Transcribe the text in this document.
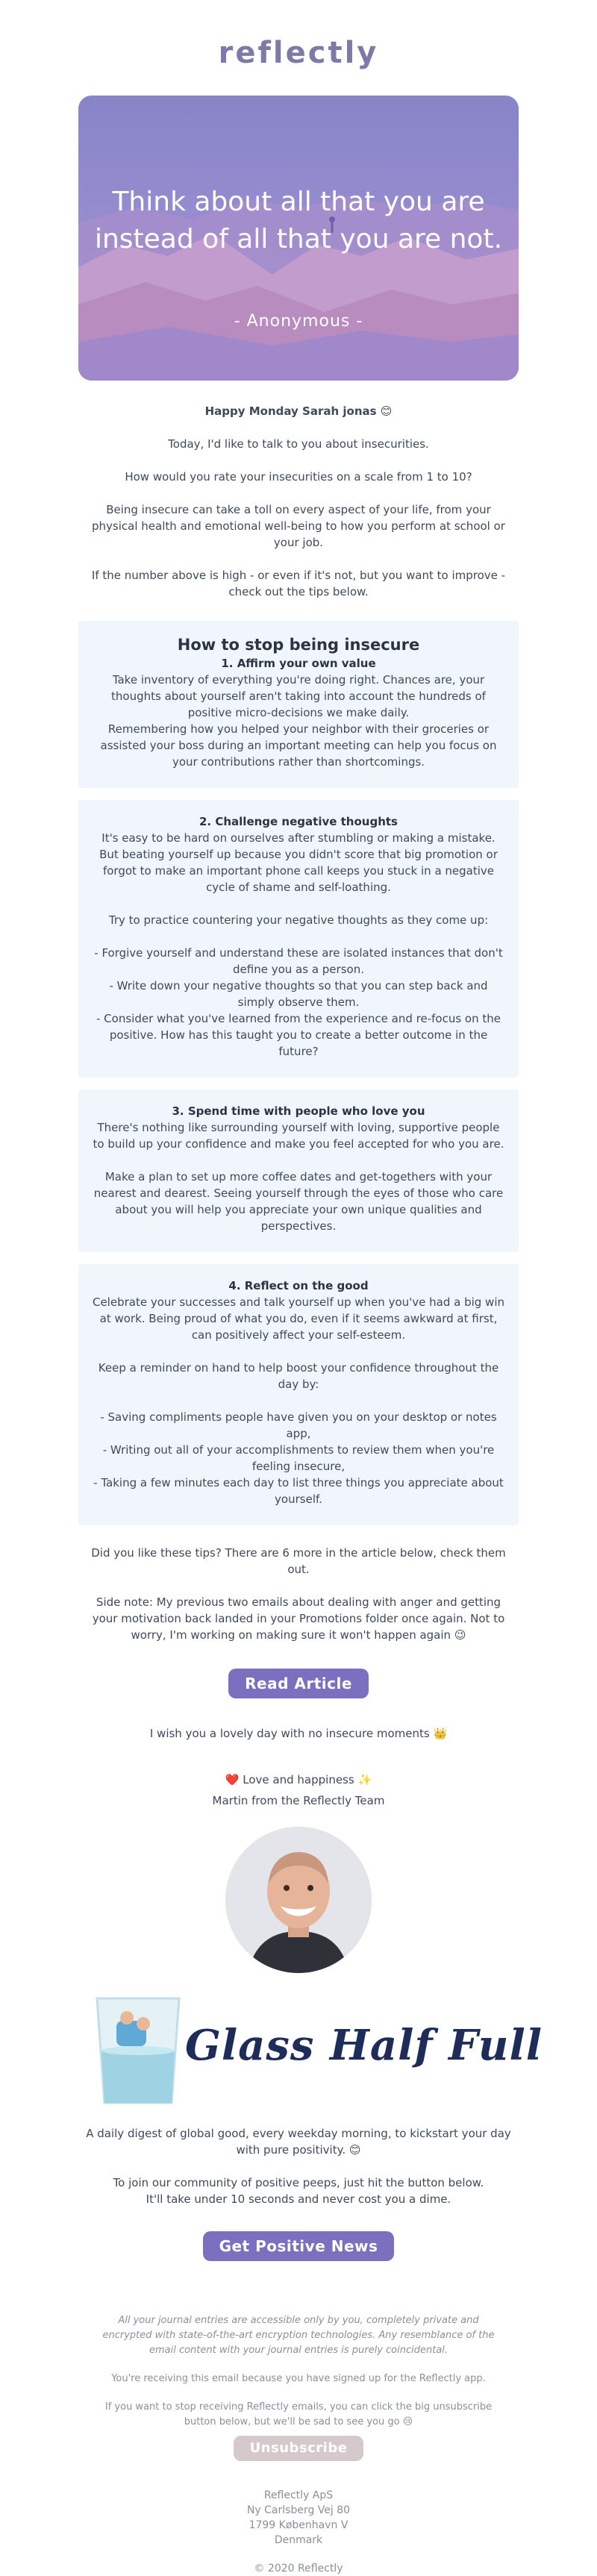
reflectly
Think about all that you are instead of all that you are not.
- Anonymous -
Happy Monday Sarah jonas 😊
Today, I'd like to talk to you about insecurities.
How would you rate your insecurities on a scale from 1 to 10?
Being insecure can take a toll on every aspect of your life, from your physical health and emotional well-being to how you perform at school or your job.
If the number above is high - or even if it's not, but you want to improve - check out the tips below.
How to stop being insecure
1. Affirm your own value

Take inventory of everything you're doing right. Chances are, your thoughts about yourself aren't taking into account the hundreds of positive micro-decisions we make daily.

Remembering how you helped your neighbor with their groceries or assisted your boss during an important meeting can help you focus on your contributions rather than shortcomings.

2. Challenge negative thoughts

It's easy to be hard on ourselves after stumbling or making a mistake. But beating yourself up because you didn't score that big promotion or forgot to make an important phone call keeps you stuck in a negative cycle of shame and self-loathing.

Try to practice countering your negative thoughts as they come up:

- Forgive yourself and understand these are isolated instances that don't define you as a person.

- Write down your negative thoughts so that you can step back and simply observe them.

- Consider what you've learned from the experience and re-focus on the positive. How has this taught you to create a better outcome in the future?

3. Spend time with people who love you

There's nothing like surrounding yourself with loving, supportive people to build up your confidence and make you feel accepted for who you are.

Make a plan to set up more coffee dates and get-togethers with your nearest and dearest. Seeing yourself through the eyes of those who care about you will help you appreciate your own unique qualities and perspectives.

4. Reflect on the good

Celebrate your successes and talk yourself up when you've had a big win at work. Being proud of what you do, even if it seems awkward at first, can positively affect your self-esteem.

Keep a reminder on hand to help boost your confidence throughout the day by:

- Saving compliments people have given you on your desktop or notes app,

- Writing out all of your accomplishments to review them when you're feeling insecure,

- Taking a few minutes each day to list three things you appreciate about yourself.

Did you like these tips? There are 6 more in the article below, check them out.
Side note: My previous two emails about dealing with anger and getting your motivation back landed in your Promotions folder once again. Not to worry, I'm working on making sure it won't happen again 😉
Read Article
I wish you a lovely day with no insecure moments 👑
❤️ Love and happiness ✨
Martin from the Reflectly Team
Glass Half Full
A daily digest of global good, every weekday morning, to kickstart your day with pure positivity. 😊
To join our community of positive peeps, just hit the button below.
It'll take under 10 seconds and never cost you a dime.
Get Positive News
All your journal entries are accessible only by you, completely private and encrypted with state-of-the-art encryption technologies. Any resemblance of the email content with your journal entries is purely coincidental.
You're receiving this email because you have signed up for the Reflectly app.
If you want to stop receiving Reflectly emails, you can click the big unsubscribe button below, but we'll be sad to see you go 😢
Unsubscribe
Reflectly ApS
Ny Carlsberg Vej 80
1799 København V
Denmark
© 2020 Reflectly
